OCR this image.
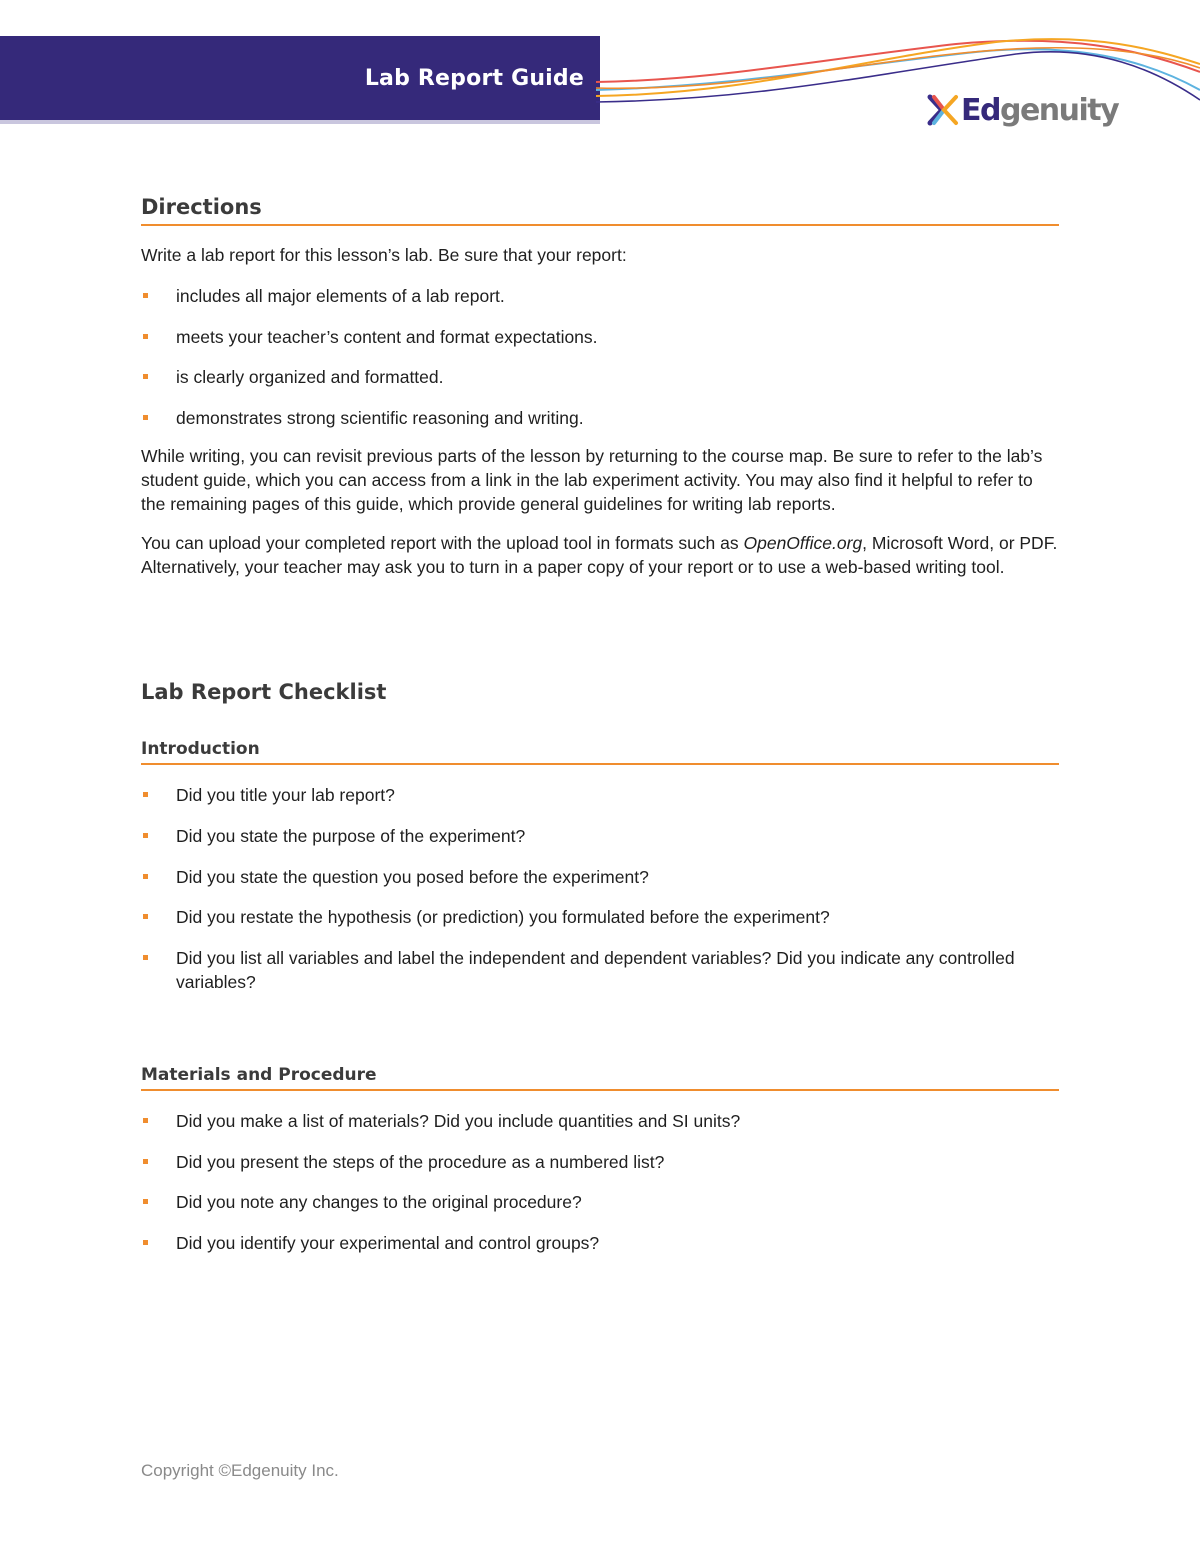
Lab Report Guide
Edgenuity
Directions

Write a lab report for this lesson’s lab. Be sure that your report:

includes all major elements of a lab report.
meets your teacher’s content and format expectations.
is clearly organized and formatted.
demonstrates strong scientific reasoning and writing.

While writing, you can revisit previous parts of the lesson by returning to the course map. Be sure to refer to the lab’s student guide, which you can access from a link in the lab experiment activity. You may also find it helpful to refer to the remaining pages of this guide, which provide general guidelines for writing lab reports.

You can upload your completed report with the upload tool in formats such as OpenOffice.org, Microsoft Word, or PDF. Alternatively, your teacher may ask you to turn in a paper copy of your report or to use a web-based writing tool.

Lab Report Checklist
Introduction
Did you title your lab report?
Did you state the purpose of the experiment?
Did you state the question you posed before the experiment?
Did you restate the hypothesis (or prediction) you formulated before the experiment?
Did you list all variables and label the independent and dependent variables? Did you indicate any controlled variables?
Materials and Procedure
Did you make a list of materials? Did you include quantities and SI units?
Did you present the steps of the procedure as a numbered list?
Did you note any changes to the original procedure?
Did you identify your experimental and control groups?
Copyright ©Edgenuity Inc.
